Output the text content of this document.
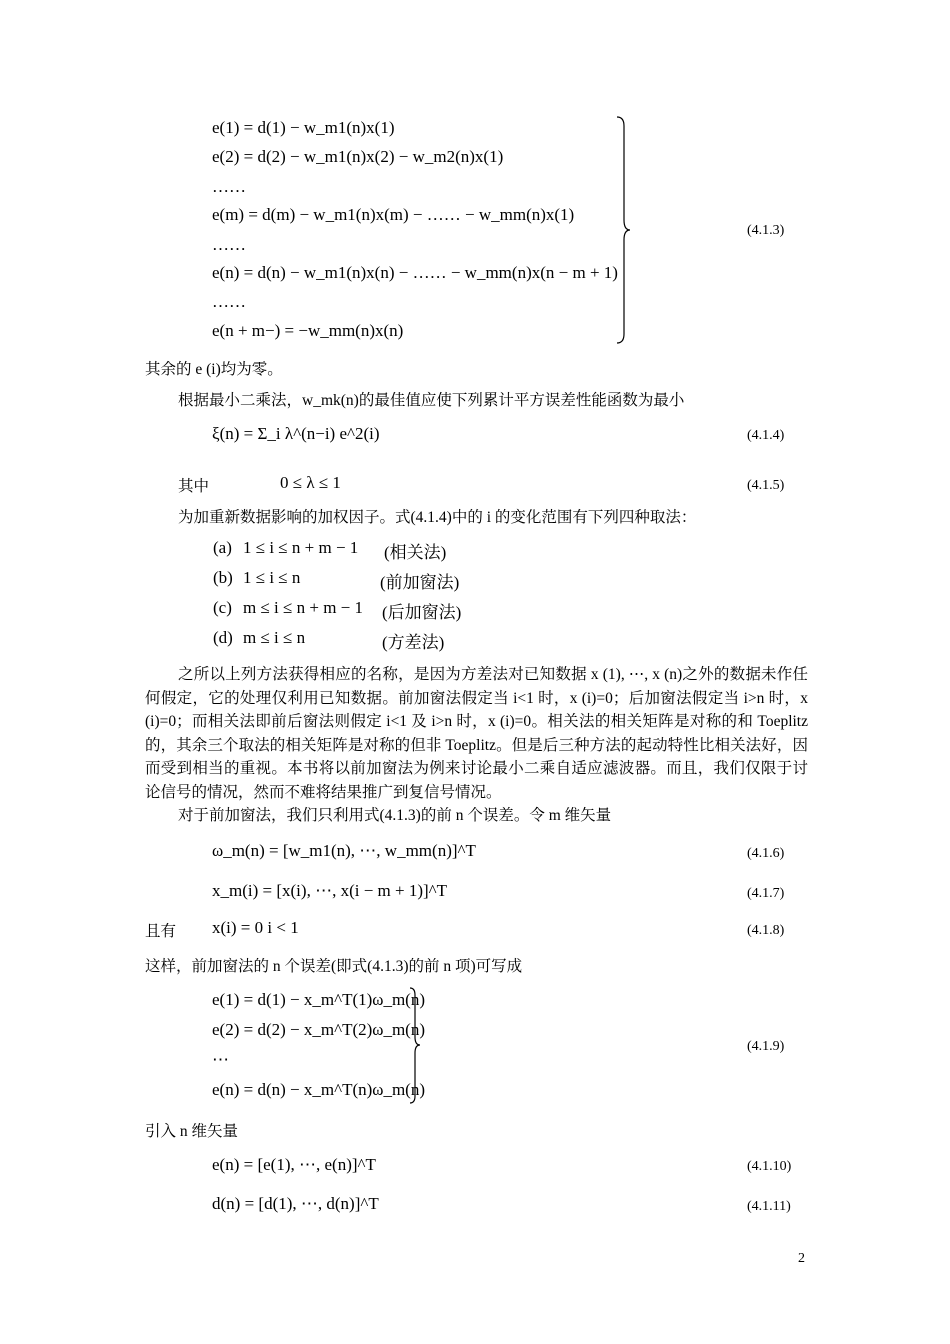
e(1) = d(1) − w_m1(n)x(1)
e(2) = d(2) − w_m1(n)x(2) − w_m2(n)x(1)
……
e(m) = d(m) − w_m1(n)x(m) − …… − w_mm(n)x(1)
……
e(n) = d(n) − w_m1(n)x(n) − …… − w_mm(n)x(n − m + 1)
……
e(n + m−) = −w_mm(n)x(n)
(4.1.3)
其余的 e (i)均为零。
根据最小二乘法，w_mk(n)的最佳值应使下列累计平方误差性能函数为最小
ξ(n) = Σ_i λ^(n−i) e^2(i)	(4.1.4)
其中	0 ≤ λ ≤ 1	(4.1.5)
为加重新数据影响的加权因子。式(4.1.4)中的 i 的变化范围有下列四种取法：
(a) 1 ≤ i ≤ n + m − 1 (相关法)
(b) 1 ≤ i ≤ n	(前加窗法)
(c) m ≤ i ≤ n + m − 1 (后加窗法)
(d) m ≤ i ≤ n	(方差法)
之所以上列方法获得相应的名称，是因为方差法对已知数据 x (1), ⋯, x (n)之外的数据未作任何假定，它的处理仅利用已知数据。前加窗法假定当 i<1 时，x (i)=0；后加窗法假定当 i>n 时，x (i)=0；而相关法即前后窗法则假定 i<1 及 i>n 时，x (i)=0。相关法的相关矩阵是对称的和 Toeplitz 的，其余三个取法的相关矩阵是对称的但非 Toeplitz。但是后三种方法的起动特性比相关法好，因而受到相当的重视。本书将以前加窗法为例来讨论最小二乘自适应滤波器。而且，我们仅限于讨论信号的情况，然而不难将结果推广到复信号情况。
对于前加窗法，我们只利用式(4.1.3)的前 n 个误差。令 m 维矢量
ω_m(n) = [w_m1(n), ⋯, w_mm(n)]^T	(4.1.6)
x_m(i) = [x(i), ⋯, x(i − m + 1)]^T	(4.1.7)
且有 x(i) = 0 i < 1	(4.1.8)
这样，前加窗法的 n 个误差(即式(4.1.3)的前 n 项)可写成
e(1) = d(1) − x_m^T(1)ω_m(n)
e(2) = d(2) − x_m^T(2)ω_m(n)
⋯
e(n) = d(n) − x_m^T(n)ω_m(n)
(4.1.9)
引入 n 维矢量
e(n) = [e(1), ⋯, e(n)]^T	(4.1.10)
d(n) = [d(1), ⋯, d(n)]^T	(4.1.11)
2
